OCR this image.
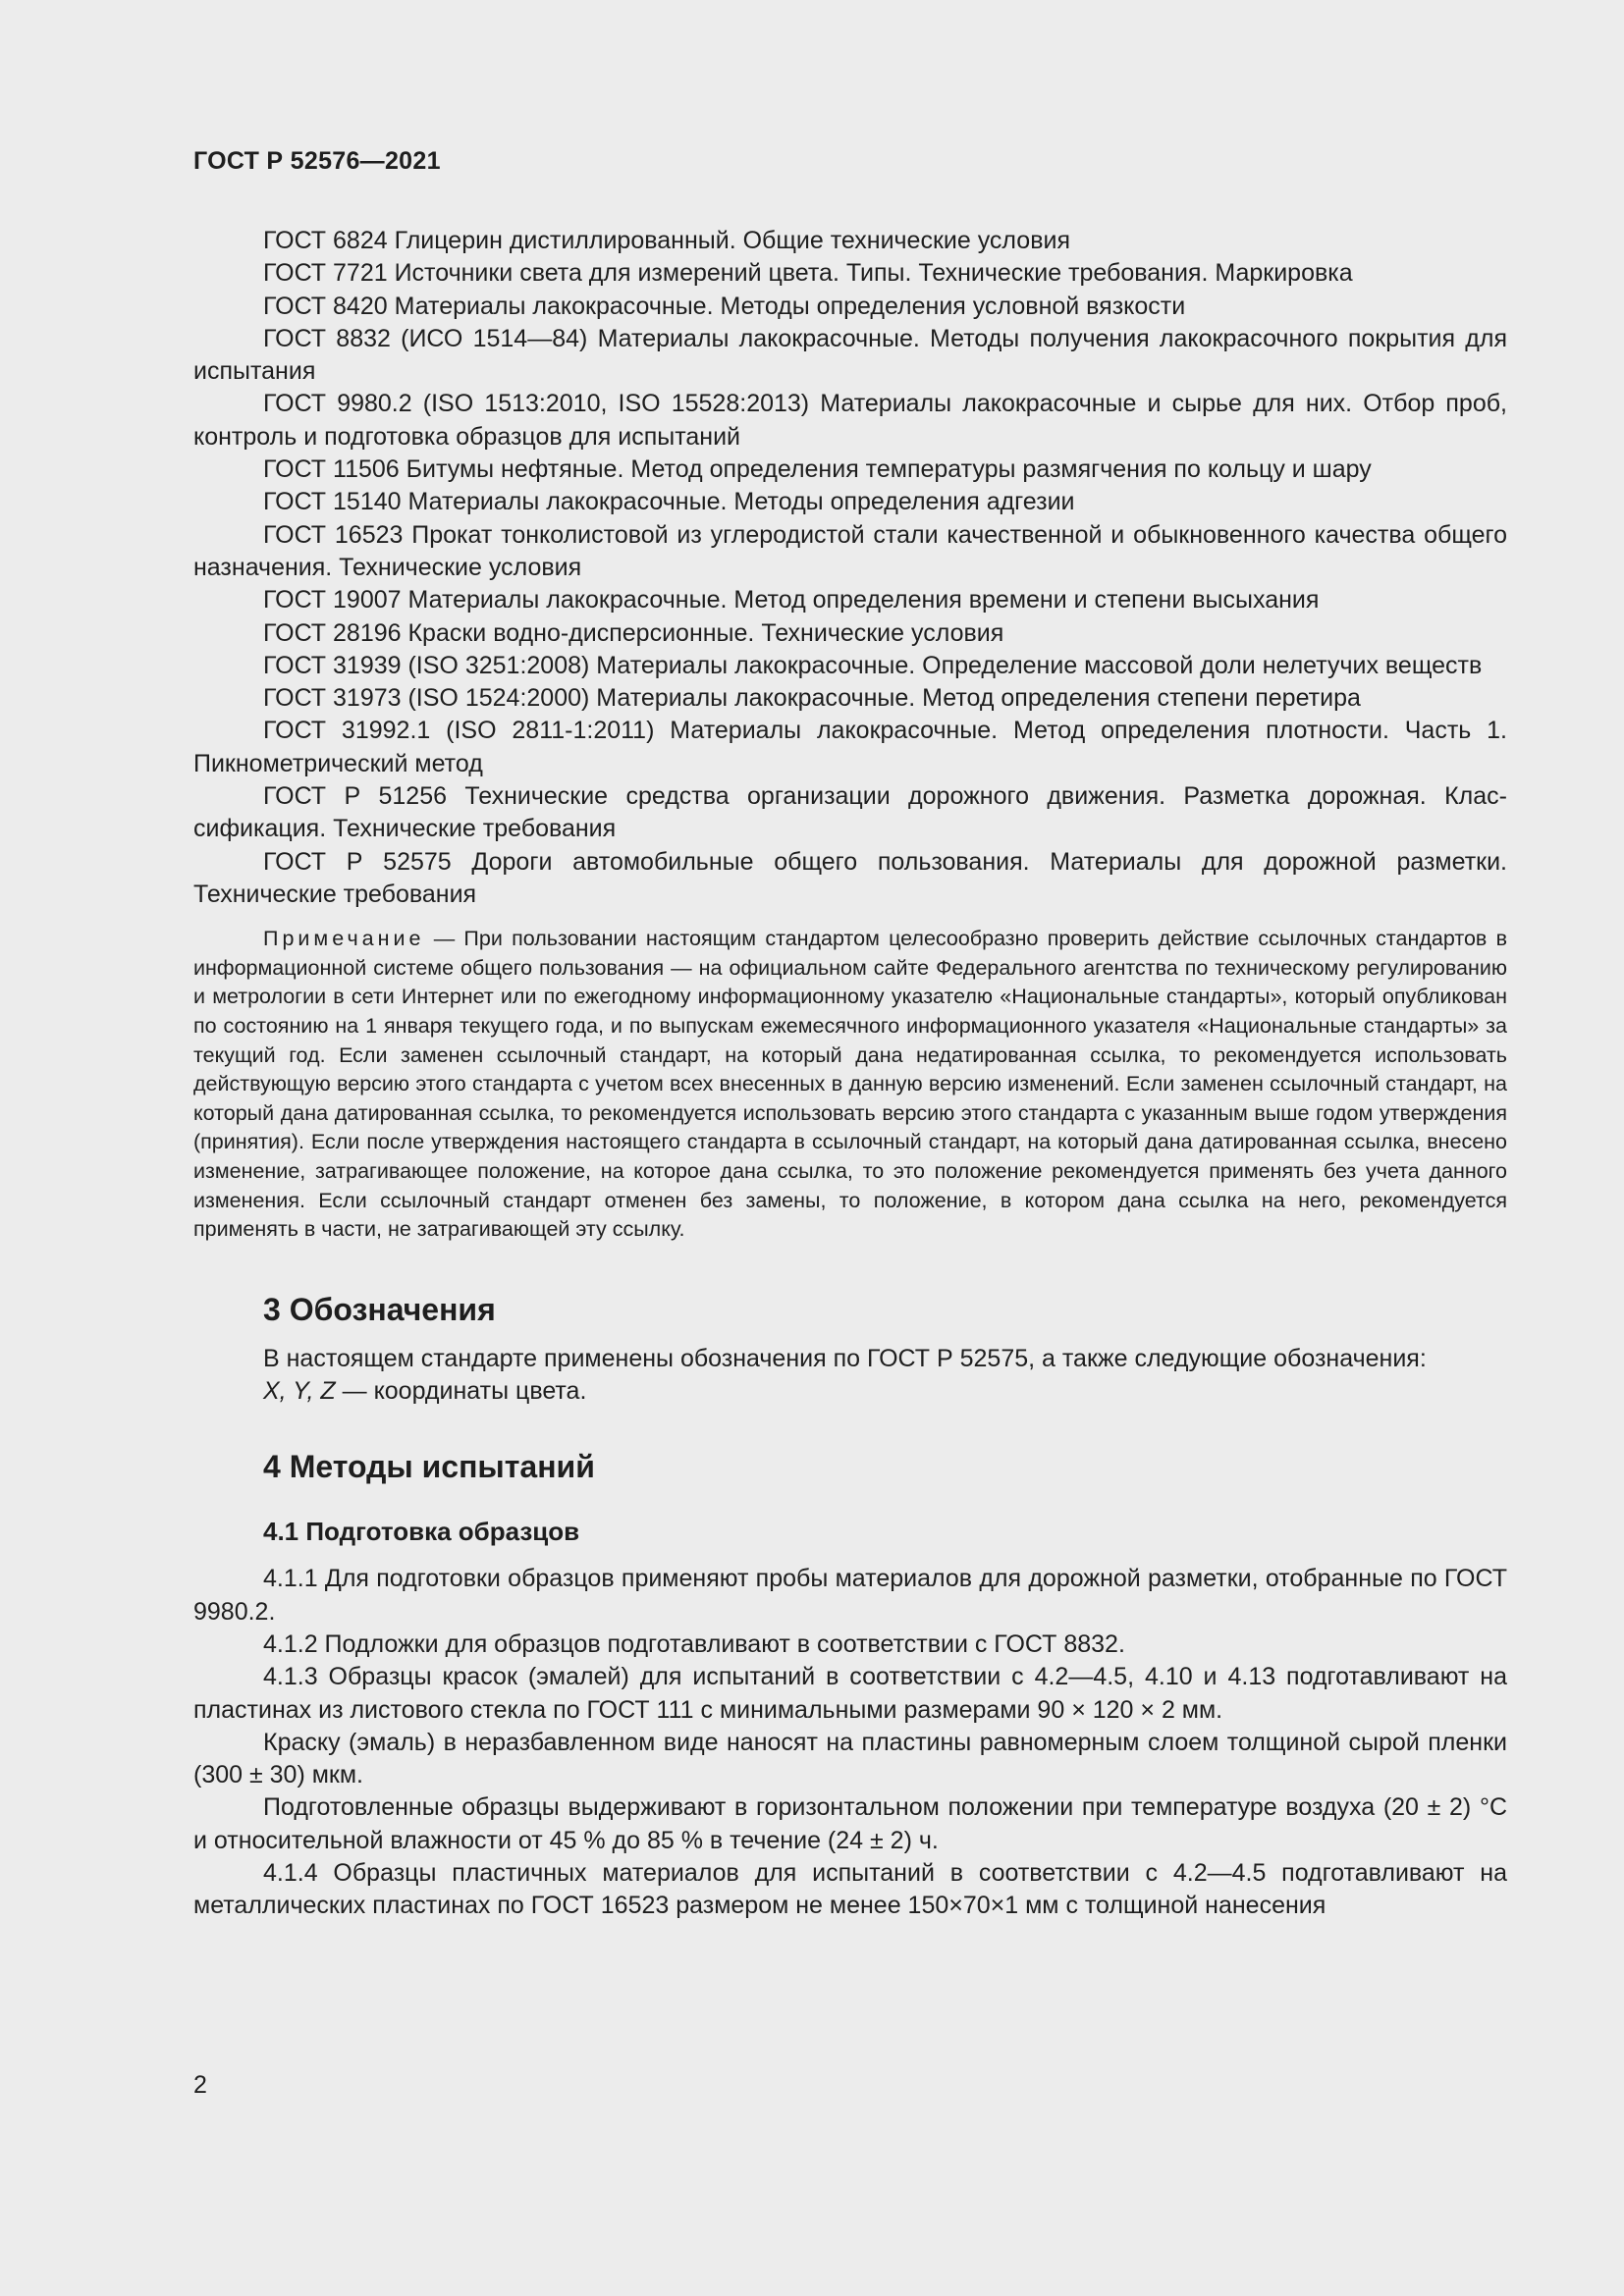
ГОСТ Р 52576—2021

ГОСТ 6824 Глицерин дистиллированный. Общие технические условия

ГОСТ 7721 Источники света для измерений цвета. Типы. Технические требования. Маркировка

ГОСТ 8420 Материалы лакокрасочные. Методы определения условной вязкости

ГОСТ 8832 (ИСО 1514—84) Материалы лакокрасочные. Методы получения лакокрасочного покрытия для испытания

ГОСТ 9980.2 (ISO 1513:2010, ISO 15528:2013) Материалы лакокрасочные и сырье для них. Отбор проб, контроль и подготовка образцов для испытаний

ГОСТ 11506 Битумы нефтяные. Метод определения температуры размягчения по кольцу и шару

ГОСТ 15140 Материалы лакокрасочные. Методы определения адгезии

ГОСТ 16523 Прокат тонколистовой из углеродистой стали качественной и обыкновенного качества общего назначения. Технические условия

ГОСТ 19007 Материалы лакокрасочные. Метод определения времени и степени высыхания

ГОСТ 28196 Краски водно-дисперсионные. Технические условия

ГОСТ 31939 (ISO 3251:2008) Материалы лакокрасочные. Определение массовой доли нелетучих веществ

ГОСТ 31973 (ISO 1524:2000) Материалы лакокрасочные. Метод определения степени перетира

ГОСТ 31992.1 (ISO 2811-1:2011) Материалы лакокрасочные. Метод определения плотности. Часть 1. Пикнометрический метод

ГОСТ Р 51256 Технические средства организации дорожного движения. Разметка дорожная. Классификация. Технические требования

ГОСТ Р 52575 Дороги автомобильные общего пользования. Материалы для дорожной разметки. Технические требования

Примечание — При пользовании настоящим стандартом целесообразно проверить действие ссылочных стандартов в информационной системе общего пользования — на официальном сайте Федерального агентства по техническому регулированию и метрологии в сети Интернет или по ежегодному информационному указателю «Национальные стандарты», который опубликован по состоянию на 1 января текущего года, и по выпускам ежемесячного информационного указателя «Национальные стандарты» за текущий год. Если заменен ссылочный стандарт, на который дана недатированная ссылка, то рекомендуется использовать действующую версию этого стандарта с учетом всех внесенных в данную версию изменений. Если заменен ссылочный стандарт, на который дана датированная ссылка, то рекомендуется использовать версию этого стандарта с указанным выше годом утверждения (принятия). Если после утверждения настоящего стандарта в ссылочный стандарт, на который дана датированная ссылка, внесено изменение, затрагивающее положение, на которое дана ссылка, то это положение рекомендуется применять без учета данного изменения. Если ссылочный стандарт отменен без замены, то положение, в котором дана ссылка на него, рекомендуется применять в части, не затрагивающей эту ссылку.

3 Обозначения

В настоящем стандарте применены обозначения по ГОСТ Р 52575, а также следующие обозначения:

X, Y, Z — координаты цвета.

4 Методы испытаний
4.1 Подготовка образцов

4.1.1 Для подготовки образцов применяют пробы материалов для дорожной разметки, отобранные по ГОСТ 9980.2.

4.1.2 Подложки для образцов подготавливают в соответствии с ГОСТ 8832.

4.1.3 Образцы красок (эмалей) для испытаний в соответствии с 4.2—4.5, 4.10 и 4.13 подготавливают на пластинах из листового стекла по ГОСТ 111 с минимальными размерами 90 × 120 × 2 мм.

Краску (эмаль) в неразбавленном виде наносят на пластины равномерным слоем толщиной сырой пленки (300 ± 30) мкм.

Подготовленные образцы выдерживают в горизонтальном положении при температуре воздуха (20 ± 2) °С и относительной влажности от 45 % до 85 % в течение (24 ± 2) ч.

4.1.4 Образцы пластичных материалов для испытаний в соответствии с 4.2—4.5 подготавливают на металлических пластинах по ГОСТ 16523 размером не менее 150×70×1 мм с толщиной нанесения

2
